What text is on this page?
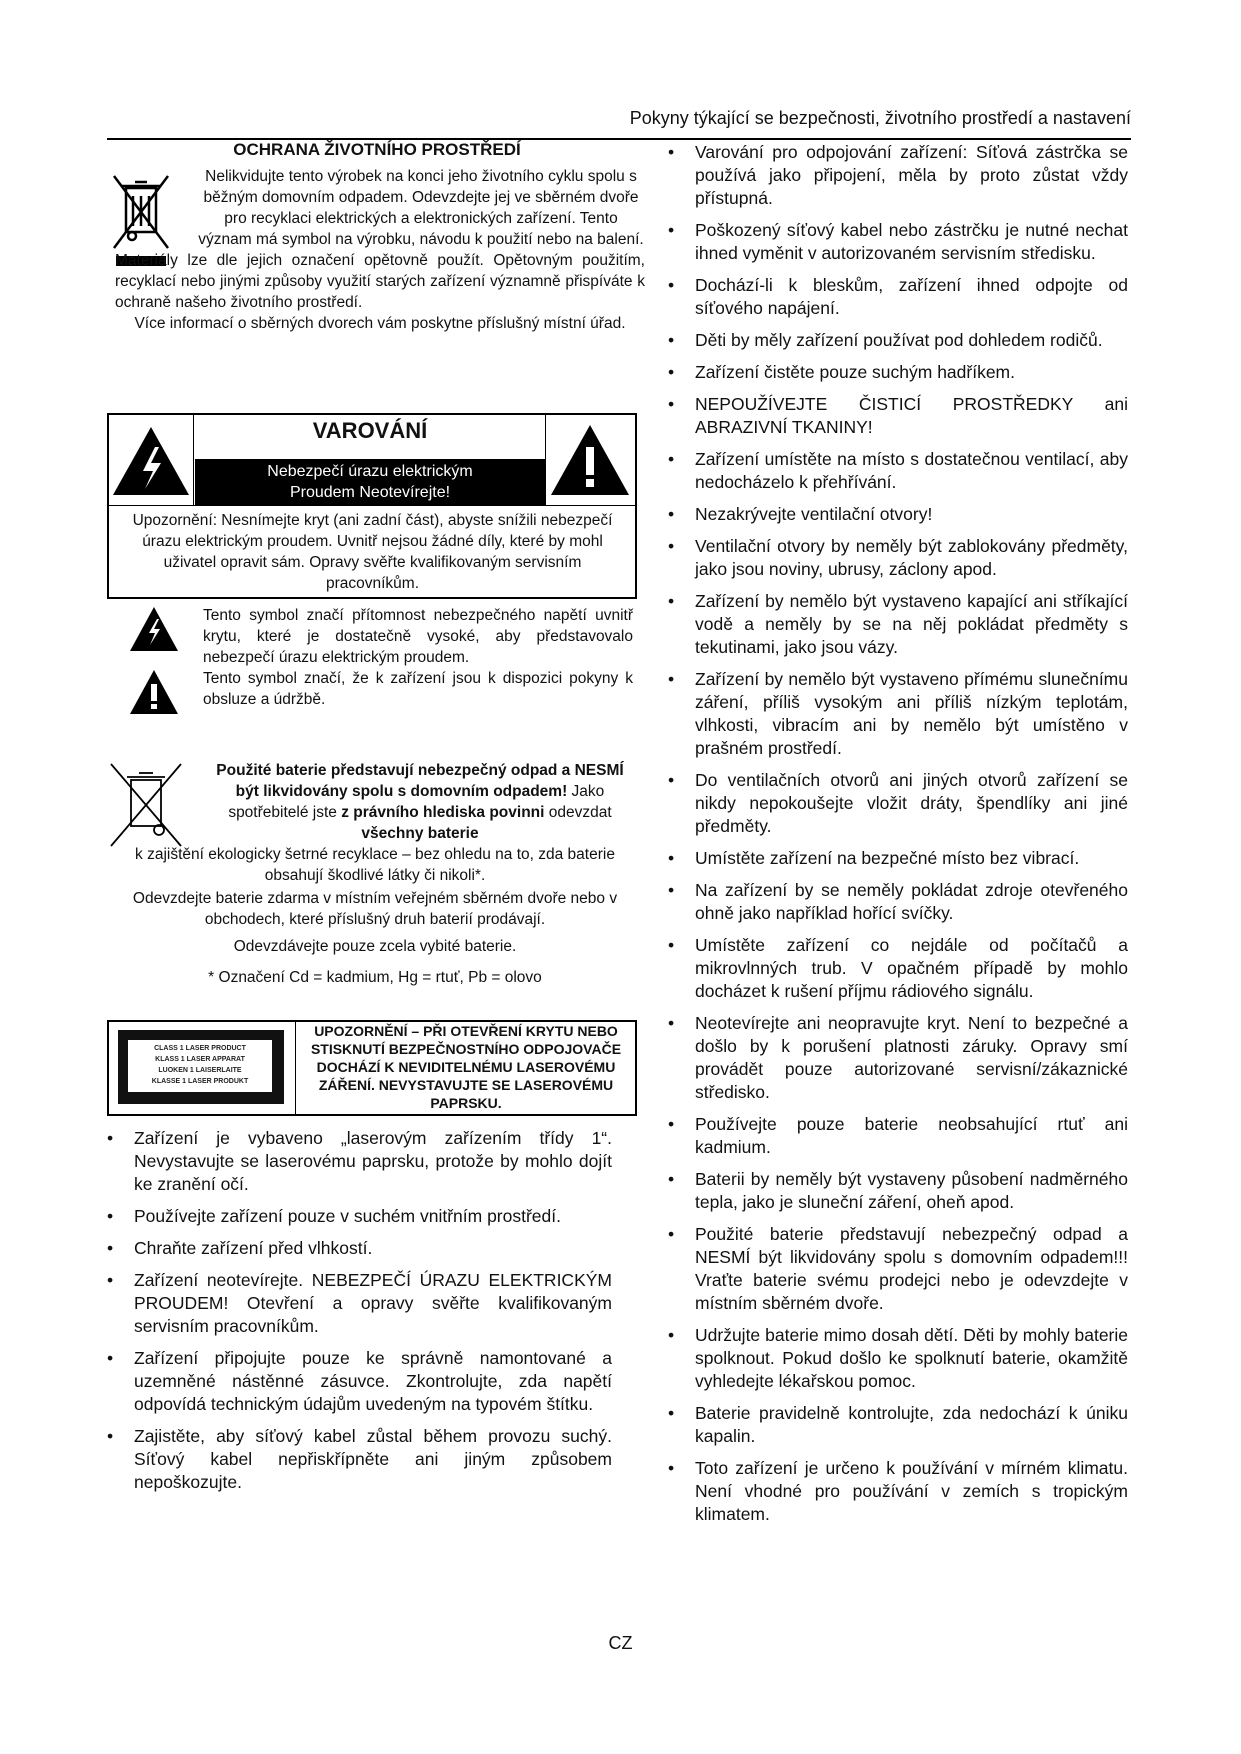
Pokyny týkající se bezpečnosti, životního prostředí a nastavení
OCHRANA ŽIVOTNÍHO PROSTŘEDÍ
Nelikvidujte tento výrobek na konci jeho životního cyklu spolu s běžným domovním odpadem. Odevzdejte jej ve sběrném dvoře pro recyklaci elektrických a elektronických zařízení. Tento význam má symbol na výrobku, návodu k použití nebo na balení.
Materiály lze dle jejich označení opětovně použít. Opětovným použitím, recyklací nebo jinými způsoby využití starých zařízení významně přispíváte k ochraně našeho životního prostředí.
Více informací o sběrných dvorech vám poskytne příslušný místní úřad.
VAROVÁNÍ
Nebezpečí úrazu elektrickým
Proudem Neotevírejte!
Upozornění: Nesnímejte kryt (ani zadní část), abyste snížili nebezpečí úrazu elektrickým proudem. Uvnitř nejsou žádné díly, které by mohl uživatel opravit sám. Opravy svěřte kvalifikovaným servisním pracovníkům.
Tento symbol značí přítomnost nebezpečného napětí uvnitř krytu, které je dostatečně vysoké, aby představovalo nebezpečí úrazu elektrickým proudem.
Tento symbol značí, že k zařízení jsou k dispozici pokyny k obsluze a údržbě.

Použité baterie představují nebezpečný odpad a NESMÍ být likvidovány spolu s domovním odpadem! Jako spotřebitelé jste z právního hlediska povinni odevzdat všechny baterie

k zajištění ekologicky šetrné recyklace – bez ohledu na to, zda baterie obsahují škodlivé látky či nikoli*.

Odevzdejte baterie zdarma v místním veřejném sběrném dvoře nebo v obchodech, které příslušný druh baterií prodávají.

Odevzdávejte pouze zcela vybité baterie.

* Označení Cd = kadmium, Hg = rtuť, Pb = olovo

CLASS 1 LASER PRODUCT
KLASS 1 LASER APPARAT
LUOKEN 1 LAISERLAITE
KLASSE 1 LASER PRODUKT
UPOZORNĚNÍ – PŘI OTEVŘENÍ KRYTU NEBO STISKNUTÍ BEZPEČNOSTNÍHO ODPOJOVAČE DOCHÁZÍ K NEVIDITELNÉMU LASEROVÉMU ZÁŘENÍ. NEVYSTAVUJTE SE LASEROVÉMU PAPRSKU.
• Zařízení je vybaveno „laserovým zařízením třídy 1“. Nevystavujte se laserovému paprsku, protože by mohlo dojít ke zranění očí.
• Používejte zařízení pouze v suchém vnitřním prostředí.
• Chraňte zařízení před vlhkostí.
• Zařízení neotevírejte. NEBEZPEČÍ ÚRAZU ELEKTRICKÝM PROUDEM! Otevření a opravy svěřte kvalifikovaným servisním pracovníkům.
• Zařízení připojujte pouze ke správně namontované a uzemněné nástěnné zásuvce. Zkontrolujte, zda napětí odpovídá technickým údajům uvedeným na typovém štítku.
• Zajistěte, aby síťový kabel zůstal během provozu suchý. Síťový kabel nepřiskřípněte ani jiným způsobem nepoškozujte.
• Varování pro odpojování zařízení: Síťová zástrčka se používá jako připojení, měla by proto zůstat vždy přístupná.
• Poškozený síťový kabel nebo zástrčku je nutné nechat ihned vyměnit v autorizovaném servisním středisku.
• Dochází-li k bleskům, zařízení ihned odpojte od síťového napájení.
• Děti by měly zařízení používat pod dohledem rodičů.
• Zařízení čistěte pouze suchým hadříkem.
• NEPOUŽÍVEJTE ČISTICÍ PROSTŘEDKY ani ABRAZIVNÍ TKANINY!
• Zařízení umístěte na místo s dostatečnou ventilací, aby nedocházelo k přehřívání.
• Nezakrývejte ventilační otvory!
• Ventilační otvory by neměly být zablokovány předměty, jako jsou noviny, ubrusy, záclony apod.
• Zařízení by nemělo být vystaveno kapající ani stříkající vodě a neměly by se na něj pokládat předměty s tekutinami, jako jsou vázy.
• Zařízení by nemělo být vystaveno přímému slunečnímu záření, příliš vysokým ani příliš nízkým teplotám, vlhkosti, vibracím ani by nemělo být umístěno v prašném prostředí.
• Do ventilačních otvorů ani jiných otvorů zařízení se nikdy nepokoušejte vložit dráty, špendlíky ani jiné předměty.
• Umístěte zařízení na bezpečné místo bez vibrací.
• Na zařízení by se neměly pokládat zdroje otevřeného ohně jako například hořící svíčky.
• Umístěte zařízení co nejdále od počítačů a mikrovlnných trub. V opačném případě by mohlo docházet k rušení příjmu rádiového signálu.
• Neotevírejte ani neopravujte kryt. Není to bezpečné a došlo by k porušení platnosti záruky. Opravy smí provádět pouze autorizované servisní/zákaznické středisko.
• Používejte pouze baterie neobsahující rtuť ani kadmium.
• Baterii by neměly být vystaveny působení nadměrného tepla, jako je sluneční záření, oheň apod.
• Použité baterie představují nebezpečný odpad a NESMÍ být likvidovány spolu s domovním odpadem!!! Vraťte baterie svému prodejci nebo je odevzdejte v místním sběrném dvoře.
• Udržujte baterie mimo dosah dětí. Děti by mohly baterie spolknout. Pokud došlo ke spolknutí baterie, okamžitě vyhledejte lékařskou pomoc.
• Baterie pravidelně kontrolujte, zda nedochází k úniku kapalin.
• Toto zařízení je určeno k používání v mírném klimatu. Není vhodné pro používání v zemích s tropickým klimatem.
CZ
